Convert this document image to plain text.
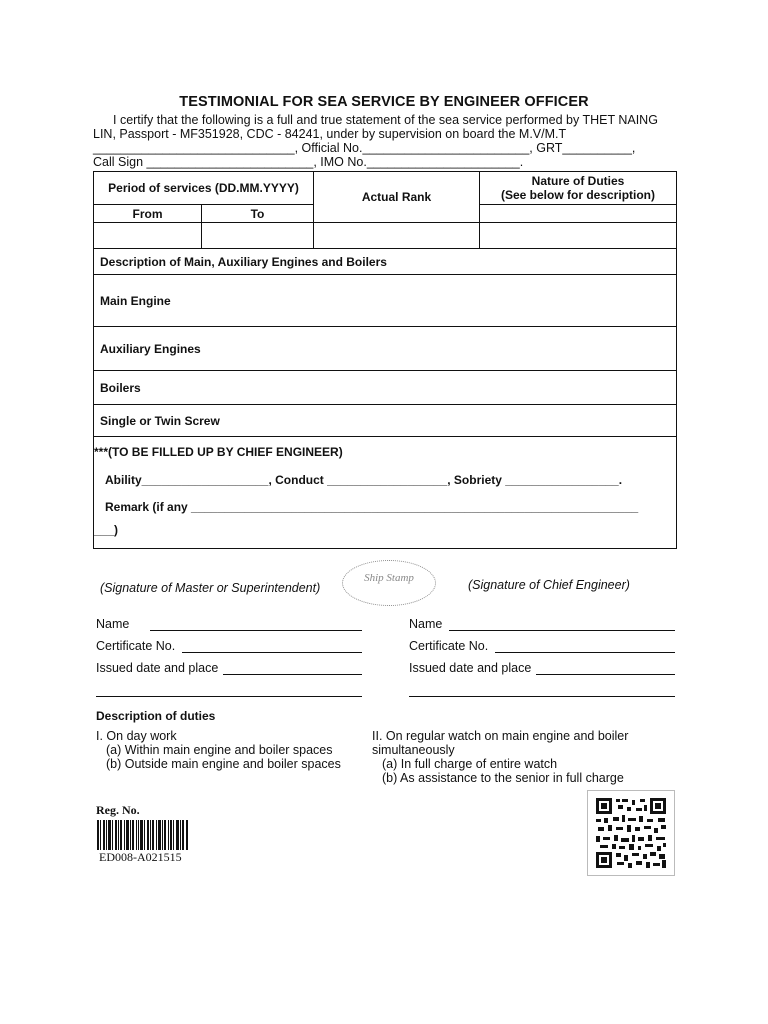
TESTIMONIAL FOR SEA SERVICE BY ENGINEER OFFICER
I certify that the following is a full and true statement of the sea service performed by THET NAING
LIN, Passport - MF351928, CDC - 84241, under by supervision on board the M.V/M.T
_____________________________, Official No.________________________, GRT__________,
Call Sign ________________________, IMO No.______________________.
Period of services (DD.MM.YYYY)		Actual Rank	Nature of Duties
(See below for description)

From	To		

Description of Main, Auxiliary Engines and Boilers			
Main Engine			
Auxiliary Engines			
Boilers			
Single or Twin Screw			

***(TO BE FILLED UP BY CHIEF ENGINEER)
Ability___________________, Conduct __________________, Sobriety _________________.
Remark (if any ___________________________________________________________________
___)			
(Signature of Master or Superintendent)
Ship Stamp	(Signature of Chief Engineer)
Name
Certificate No.
Issued date and place
Name
Certificate No.
Issued date and place
Description of duties
I. On day work
(a) Within main engine and boiler spaces
(b) Outside main engine and boiler spaces
II. On regular watch on main engine and boiler
simultaneously
(a) In full charge of entire watch
(b) As assistance to the senior in full charge
Reg. No.
ED008-A021515
